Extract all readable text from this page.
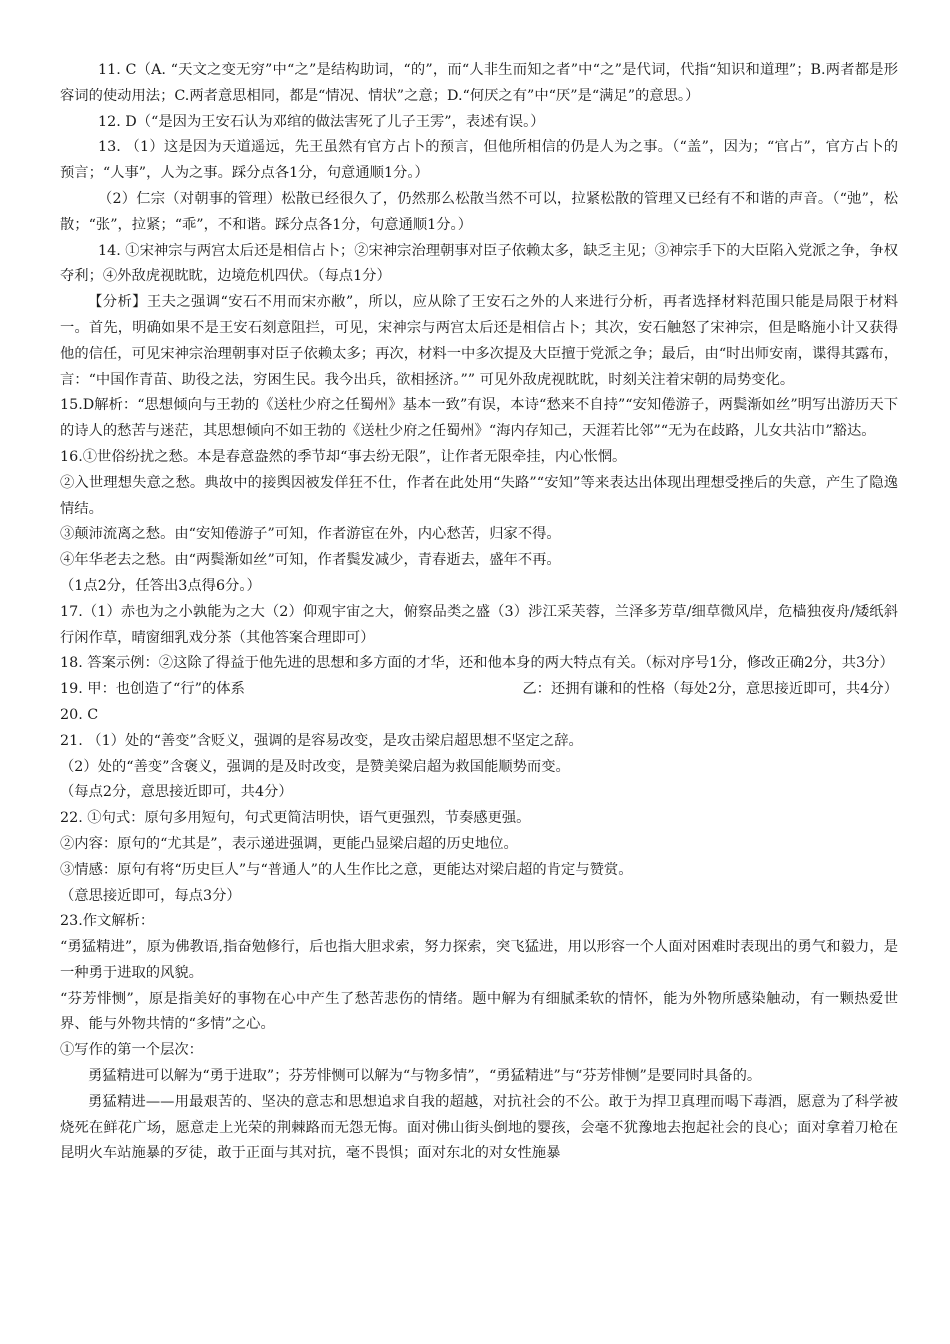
11. C（A. “天文之变无穷”中“之”是结构助词，“的”，而“人非生而知之者”中“之”是代词，代指“知识和道理”；B.两者都是形容词的使动用法；C.两者意思相同，都是“情况、情状”之意；D.“何厌之有”中“厌”是“满足”的意思。）

12. D（“是因为王安石认为邓绾的做法害死了儿子王雱”，表述有误。）

13. （1）这是因为天道遥远，先王虽然有官方占卜的预言，但他所相信的仍是人为之事。（“盖”，因为；“官占”，官方占卜的预言；“人事”，人为之事。踩分点各1分，句意通顺1分。）

（2）仁宗（对朝事的管理）松散已经很久了，仍然那么松散当然不可以，拉紧松散的管理又已经有不和谐的声音。（“弛”，松散；“张”，拉紧；“乖”，不和谐。踩分点各1分，句意通顺1分。）

14. ①宋神宗与两宫太后还是相信占卜；②宋神宗治理朝事对臣子依赖太多，缺乏主见；③神宗手下的大臣陷入党派之争，争权夺利；④外敌虎视眈眈，边境危机四伏。（每点1分）

【分析】王夫之强调“安石不用而宋亦敝”，所以，应从除了王安石之外的人来进行分析，再者选择材料范围只能是局限于材料一。首先，明确如果不是王安石刻意阻拦，可见，宋神宗与两宫太后还是相信占卜；其次，安石触怒了宋神宗，但是略施小计又获得他的信任，可见宋神宗治理朝事对臣子依赖太多；再次，材料一中多次提及大臣擅于党派之争；最后，由“时出师安南，谍得其露布，言：“中国作青苗、助役之法，穷困生民。我今出兵，欲相拯济。”” 可见外敌虎视眈眈，时刻关注着宋朝的局势变化。

15.D解析：“思想倾向与王勃的《送杜少府之任蜀州》基本一致”有误，本诗“愁来不自持”“安知倦游子，两鬓渐如丝”明写出游历天下的诗人的愁苦与迷茫，其思想倾向不如王勃的《送杜少府之任蜀州》“海内存知己，天涯若比邻”“无为在歧路，儿女共沾巾”豁达。

16.①世俗纷扰之愁。本是春意盎然的季节却“事去纷无限”，让作者无限牵挂，内心怅惘。

②入世理想失意之愁。典故中的接舆因被发佯狂不仕，作者在此处用“失路”“安知”等来表达出体现出理想受挫后的失意，产生了隐逸情结。

③颠沛流离之愁。由“安知倦游子”可知，作者游宦在外，内心愁苦，归家不得。

④年华老去之愁。由“两鬓渐如丝”可知，作者鬓发减少，青春逝去，盛年不再。

（1点2分，任答出3点得6分。）

17.（1）赤也为之小孰能为之大（2）仰观宇宙之大，俯察品类之盛（3）涉江采芙蓉，兰泽多芳草/细草微风岸，危樯独夜舟/矮纸斜行闲作草，晴窗细乳戏分茶（其他答案合理即可）

18. 答案示例：②这除了得益于他先进的思想和多方面的才华，还和他本身的两大特点有关。（标对序号1分，修改正确2分，共3分）

19. 甲：也创造了“行”的体系	乙：还拥有谦和的性格（每处2分，意思接近即可，共4分）

20. C

21. （1）处的“善变”含贬义，强调的是容易改变，是攻击梁启超思想不坚定之辞。

（2）处的“善变”含褒义，强调的是及时改变，是赞美梁启超为救国能顺势而变。

（每点2分，意思接近即可，共4分）

22. ①句式：原句多用短句，句式更简洁明快，语气更强烈，节奏感更强。

②内容：原句的“尤其是”，表示递进强调，更能凸显梁启超的历史地位。

③情感：原句有将“历史巨人”与“普通人”的人生作比之意，更能达对梁启超的肯定与赞赏。

（意思接近即可，每点3分）

23.作文解析：

“勇猛精进”，原为佛教语,指奋勉修行，后也指大胆求索，努力探索，突飞猛进，用以形容一个人面对困难时表现出的勇气和毅力，是一种勇于进取的风貌。

“芬芳悱恻”，原是指美好的事物在心中产生了愁苦悲伤的情绪。题中解为有细腻柔软的情怀，能为外物所感染触动，有一颗热爱世界、能与外物共情的“多情”之心。

①写作的第一个层次：

勇猛精进可以解为“勇于进取”；芬芳悱恻可以解为“与物多情”，“勇猛精进”与“芬芳悱恻”是要同时具备的。

勇猛精进——用最艰苦的、坚决的意志和思想追求自我的超越，对抗社会的不公。敢于为捍卫真理而喝下毒酒，愿意为了科学被烧死在鲜花广场，愿意走上光荣的荆棘路而无怨无悔。面对佛山街头倒地的婴孩，会毫不犹豫地去抱起社会的良心；面对拿着刀枪在昆明火车站施暴的歹徒，敢于正面与其对抗，毫不畏惧；面对东北的对女性施暴
